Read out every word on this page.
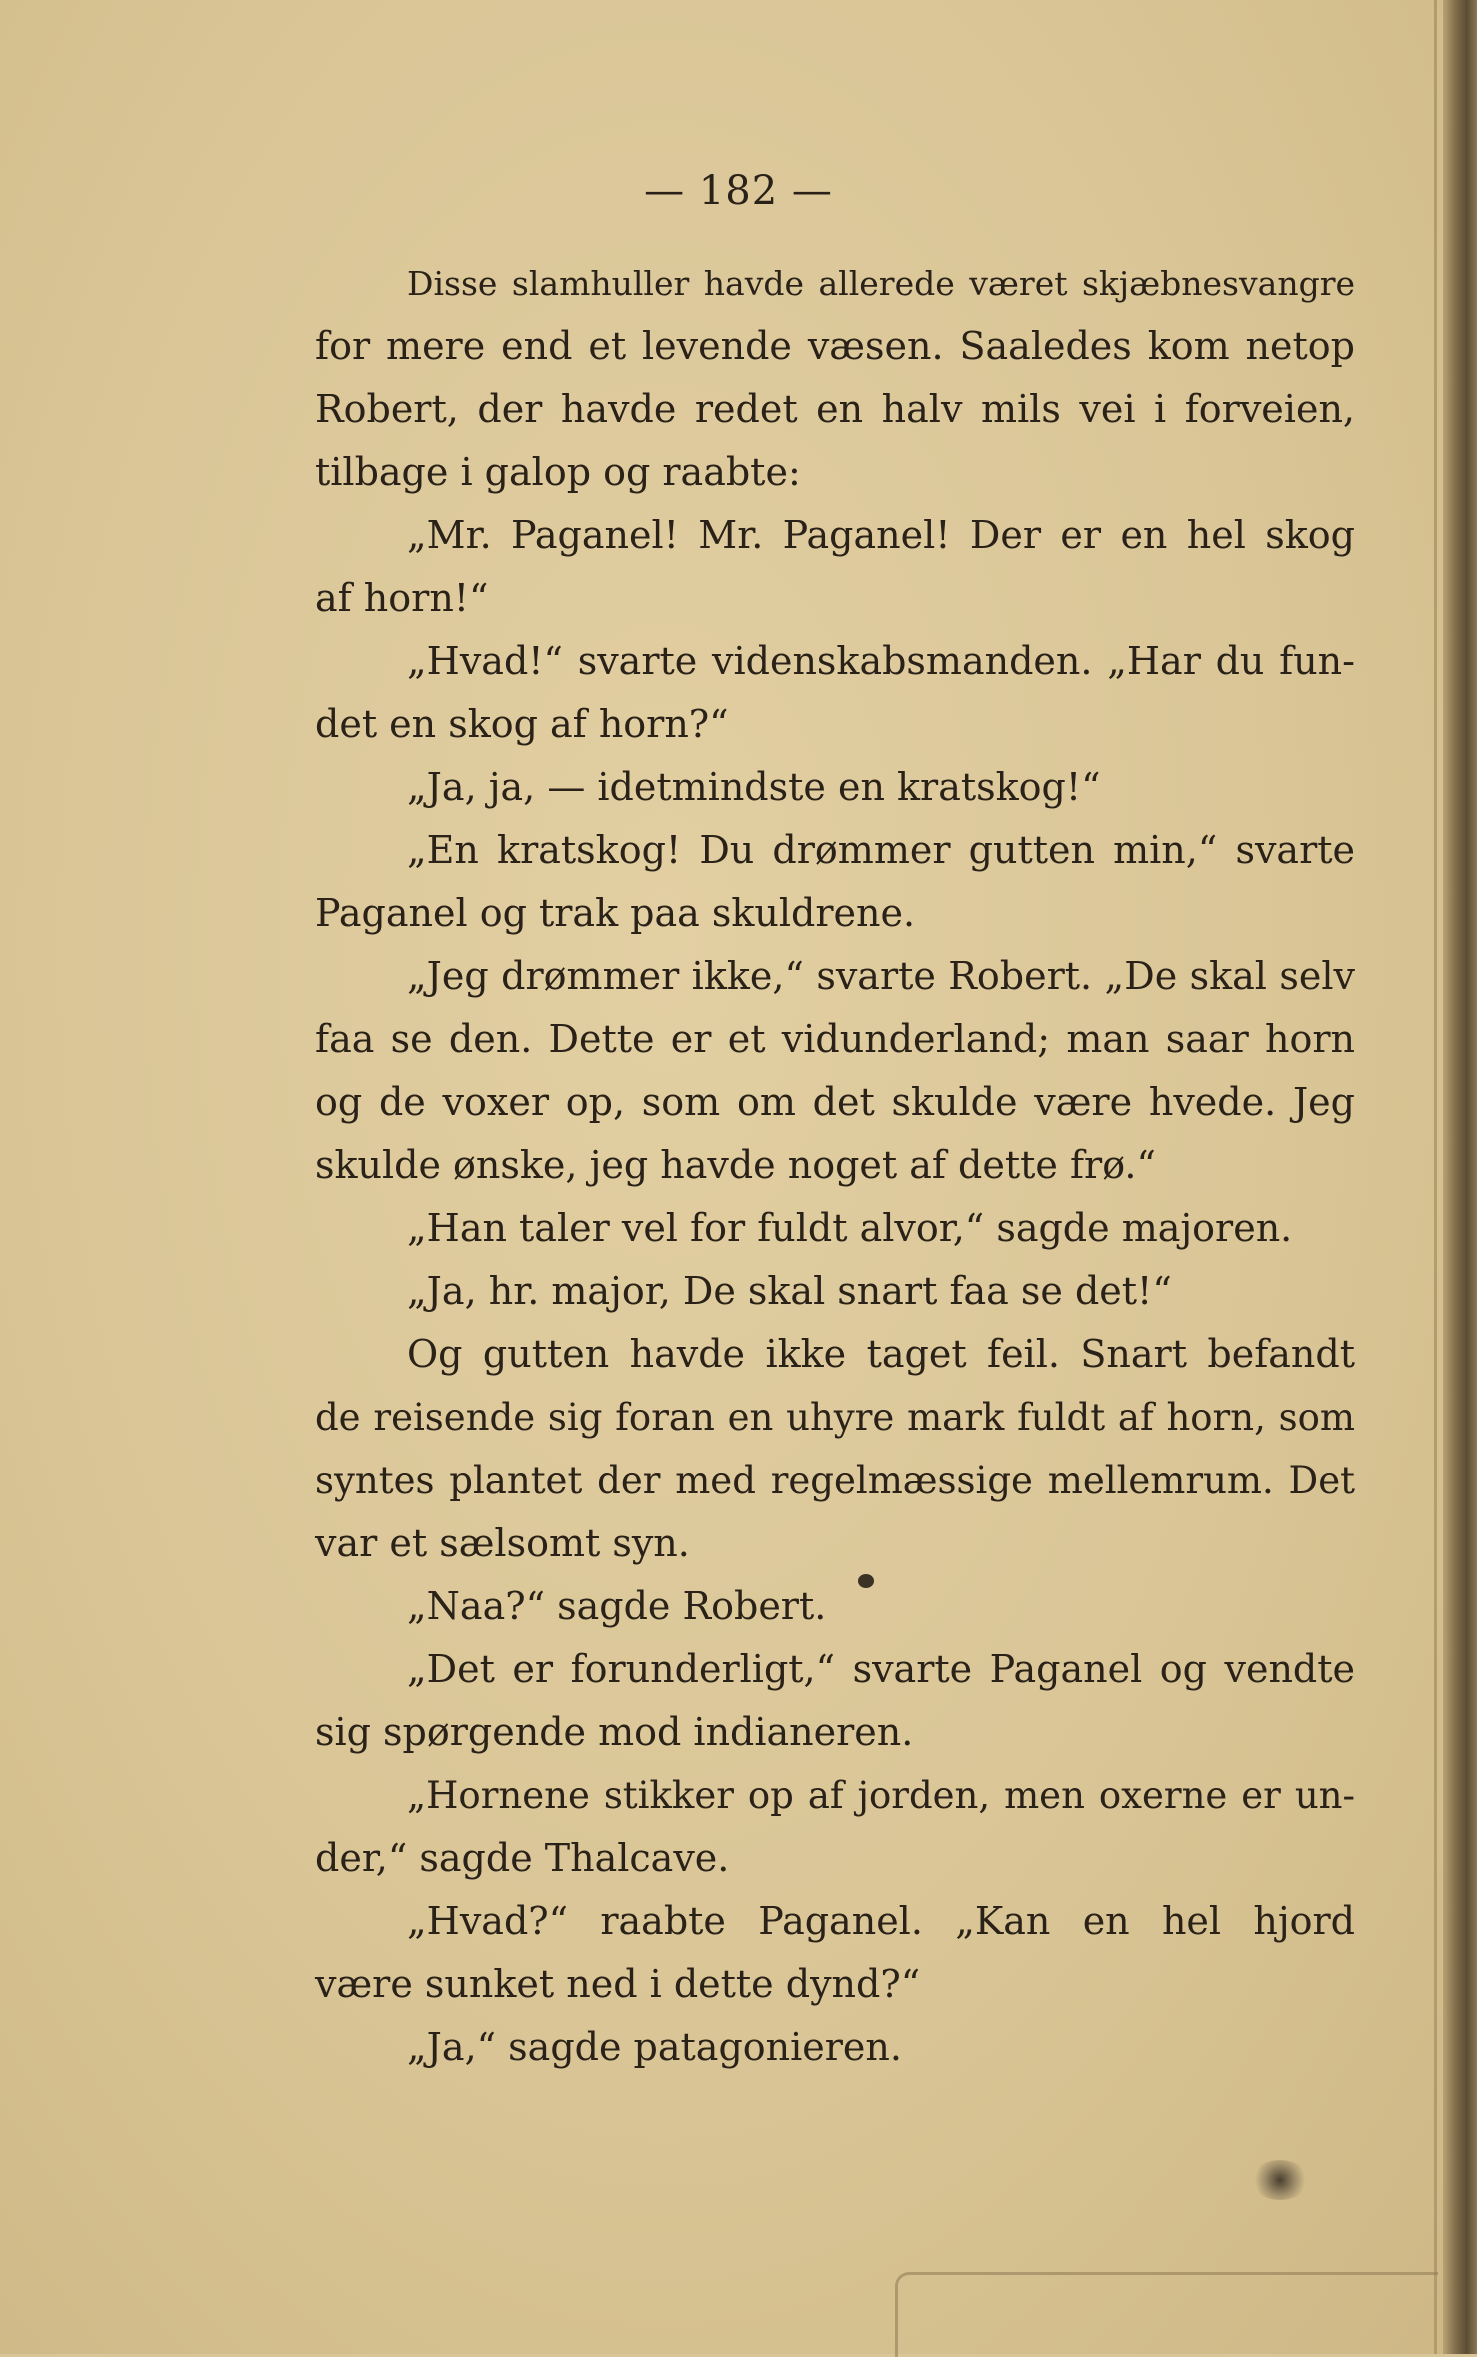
— 182 —
Disse slamhuller havde allerede været skjæbnesvangre
for mere end et levende væsen. Saaledes kom netop
Robert, der havde redet en halv mils vei i forveien,
tilbage i galop og raabte:
„Mr. Paganel! Mr. Paganel! Der er en hel skog
af horn!“
„Hvad!“ svarte videnskabsmanden. „Har du fun-
det en skog af horn?“
„Ja, ja, — idetmindste en kratskog!“
„En kratskog! Du drømmer gutten min,“ svarte
Paganel og trak paa skuldrene.
„Jeg drømmer ikke,“ svarte Robert. „De skal selv
faa se den. Dette er et vidunderland; man saar horn
og de voxer op, som om det skulde være hvede. Jeg
skulde ønske, jeg havde noget af dette frø.“
„Han taler vel for fuldt alvor,“ sagde majoren.
„Ja, hr. major, De skal snart faa se det!“
Og gutten havde ikke taget feil. Snart befandt
de reisende sig foran en uhyre mark fuldt af horn, som
syntes plantet der med regelmæssige mellemrum. Det
var et sælsomt syn.
„Naa?“ sagde Robert.
„Det er forunderligt,“ svarte Paganel og vendte
sig spørgende mod indianeren.
„Hornene stikker op af jorden, men oxerne er un-
der,“ sagde Thalcave.
„Hvad?“ raabte Paganel. „Kan en hel hjord
være sunket ned i dette dynd?“
„Ja,“ sagde patagonieren.
